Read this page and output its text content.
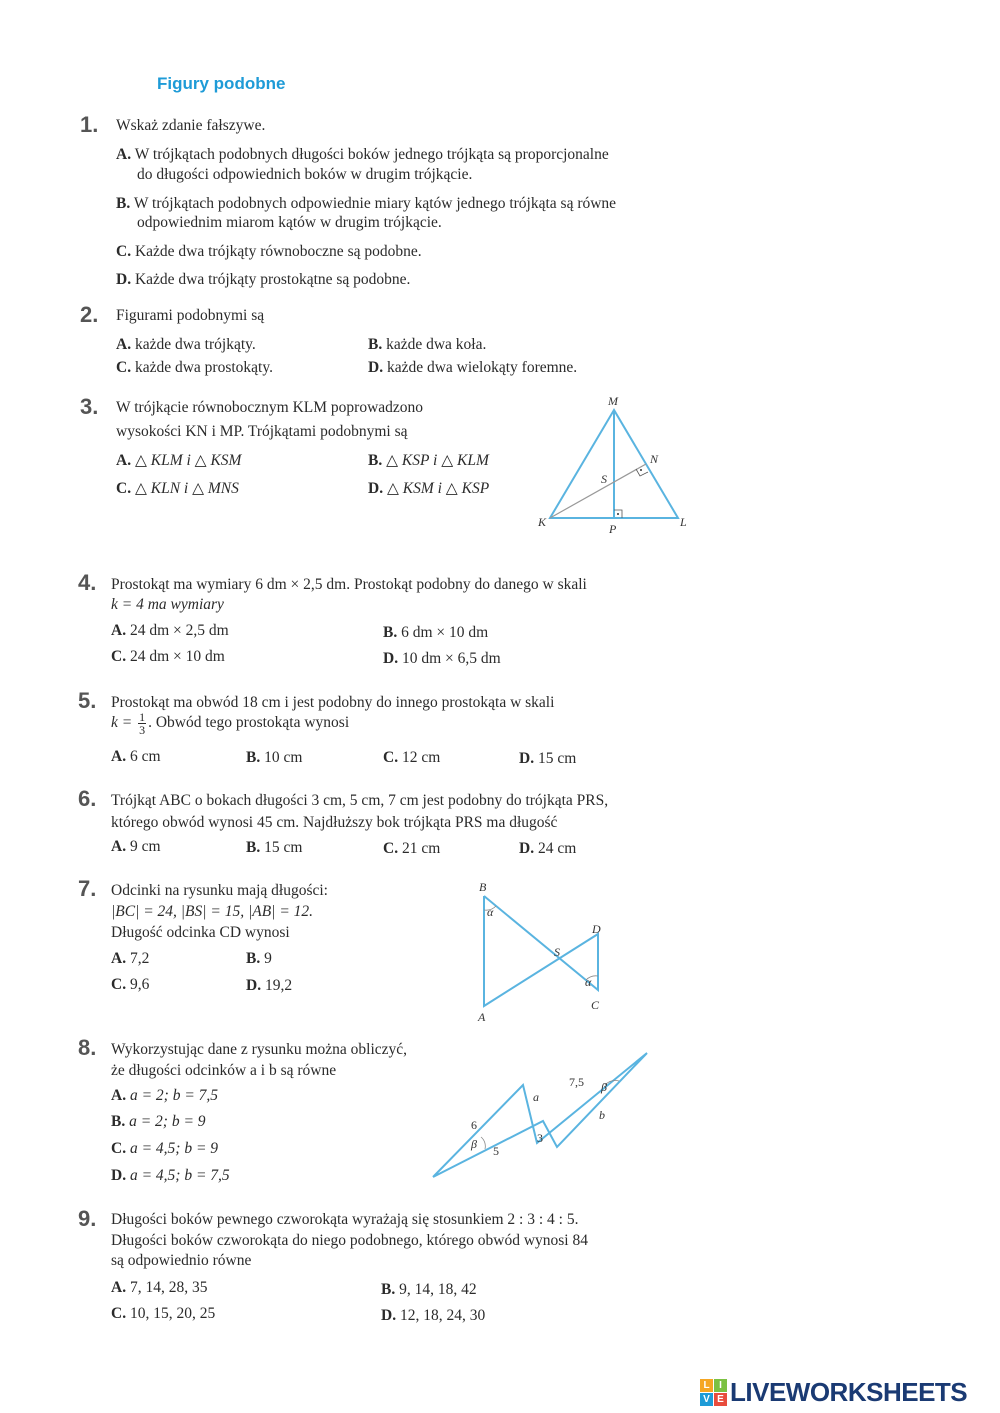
Figury podobne
1. Wskaż zdanie fałszywe.
A. W trójkątach podobnych długości boków jednego trójkąta są proporcjonalne
do długości odpowiednich boków w drugim trójkącie.
B. W trójkątach podobnych odpowiednie miary kątów jednego trójkąta są równe
odpowiednim miarom kątów w drugim trójkącie.
C. Każde dwa trójkąty równoboczne są podobne.
D. Każde dwa trójkąty prostokątne są podobne.
2. Figurami podobnymi są
A. każde dwa trójkąty.	B. każde dwa koła.
C. każde dwa prostokąty.	D. każde dwa wielokąty foremne.
3. W trójkącie równobocznym KLM poprowadzono
wysokości KN i MP. Trójkątami podobnymi są
A. △ KLM i △ KSM	B. △ KSP i △ KLM
C. △ KLN i △ MNS	D. △ KSM i △ KSP
M
N
S
K	P	L
4. Prostokąt ma wymiary 6 dm × 2,5 dm. Prostokąt podobny do danego w skali
k = 4 ma wymiary
A. 24 dm × 2,5 dm	B. 6 dm × 10 dm
C. 24 dm × 10 dm	D. 10 dm × 6,5 dm
5. Prostokąt ma obwód 18 cm i jest podobny do innego prostokąta w skali
$k = \frac{1}{3}$ . Obwód tego prostokąta wynosi
A. 6 cm	B. 10 cm	C. 12 cm	D. 15 cm
6. Trójkąt ABC o bokach długości 3 cm, 5 cm, 7 cm jest podobny do trójkąta PRS,
którego obwód wynosi 45 cm. Najdłuższy bok trójkąta PRS ma długość
A. 9 cm	B. 15 cm	C. 21 cm	D. 24 cm
7. Odcinki na rysunku mają długości:
|BC| = 24, |BS| = 15, |AB| = 12.
Długość odcinka CD wynosi
A. 7,2	B. 9
C. 9,6	D. 19,2
B
α
D
S
α
C
A
8. Wykorzystując dane z rysunku można obliczyć,
że długości odcinków a i b są równe
A. a = 2; b = 7,5
B. a = 2; b = 9
C. a = 4,5; b = 9
D. a = 4,5; b = 7,5
7,5 β
a
b
6
3
β 5
9. Długości boków pewnego czworokąta wyrażają się stosunkiem 2 : 3 : 4 : 5.
Długości boków czworokąta do niego podobnego, którego obwód wynosi 84
są odpowiednio równe
A. 7, 14, 28, 35	B. 9, 14, 18, 42
C. 10, 15, 20, 25	D. 12, 18, 24, 30
L I
V E LIVEWORKSHEETS
